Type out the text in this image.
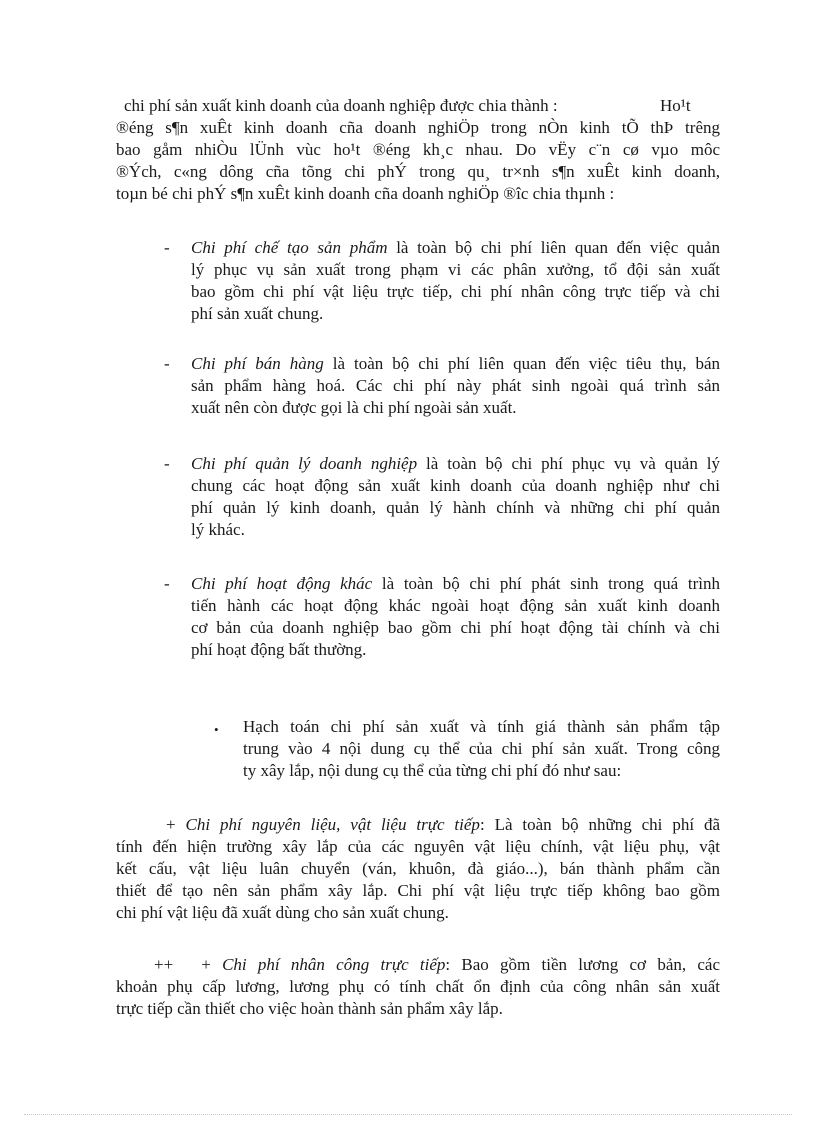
chi phí sản xuất kinh doanh của doanh nghiệp được chia thành :	Ho¹t
®éng s¶n xuÊt kinh doanh cña doanh nghiÖp trong nÒn kinh tÕ thÞ trêng
bao gåm nhiÒu lÜnh vùc ho¹t ®éng kh¸c nhau. Do vËy c¨n cø vµo môc
®Ých, c«ng dông cña tõng chi phÝ trong qu¸ tr×nh s¶n xuÊt kinh doanh,
toµn bé chi phÝ s¶n xuÊt kinh doanh cña doanh nghiÖp ®îc chia thµnh :
- Chi phí chế tạo sản phẩm là toàn bộ chi phí liên quan đến việc quản
lý phục vụ sản xuất trong phạm vi các phân xưởng, tổ đội sản xuất
bao gồm chi phí vật liệu trực tiếp, chi phí nhân công trực tiếp và chi
phí sản xuất chung.
- Chi phí bán hàng là toàn bộ chi phí liên quan đến việc tiêu thụ, bán
sản phẩm hàng hoá. Các chi phí này phát sinh ngoài quá trình sản
xuất nên còn được gọi là chi phí ngoài sản xuất.
- Chi phí quản lý doanh nghiệp là toàn bộ chi phí phục vụ và quản lý
chung các hoạt động sản xuất kinh doanh của doanh nghiệp như chi
phí quản lý kinh doanh, quản lý hành chính và những chi phí quản
lý khác.
- Chi phí hoạt động khác là toàn bộ chi phí phát sinh trong quá trình
tiến hành các hoạt động khác ngoài hoạt động sản xuất kinh doanh
cơ bản của doanh nghiệp bao gồm chi phí hoạt động tài chính và chi
phí hoạt động bất thường.
• Hạch toán chi phí sản xuất và tính giá thành sản phẩm tập
trung vào 4 nội dung cụ thể của chi phí sản xuất. Trong công
ty xây lắp, nội dung cụ thể của từng chi phí đó như sau:
+ Chi phí nguyên liệu, vật liệu trực tiếp: Là toàn bộ những chi phí đã
tính đến hiện trường xây lắp của các nguyên vật liệu chính, vật liệu phụ, vật
kết cấu, vật liệu luân chuyển (ván, khuôn, đà giáo...), bán thành phẩm cần
thiết để tạo nên sản phẩm xây lắp. Chi phí vật liệu trực tiếp không bao gồm
chi phí vật liệu đã xuất dùng cho sản xuất chung.
++ + Chi phí nhân công trực tiếp: Bao gồm tiền lương cơ bản, các
khoản phụ cấp lương, lương phụ có tính chất ổn định của công nhân sản xuất
trực tiếp cần thiết cho việc hoàn thành sản phẩm xây lắp.
